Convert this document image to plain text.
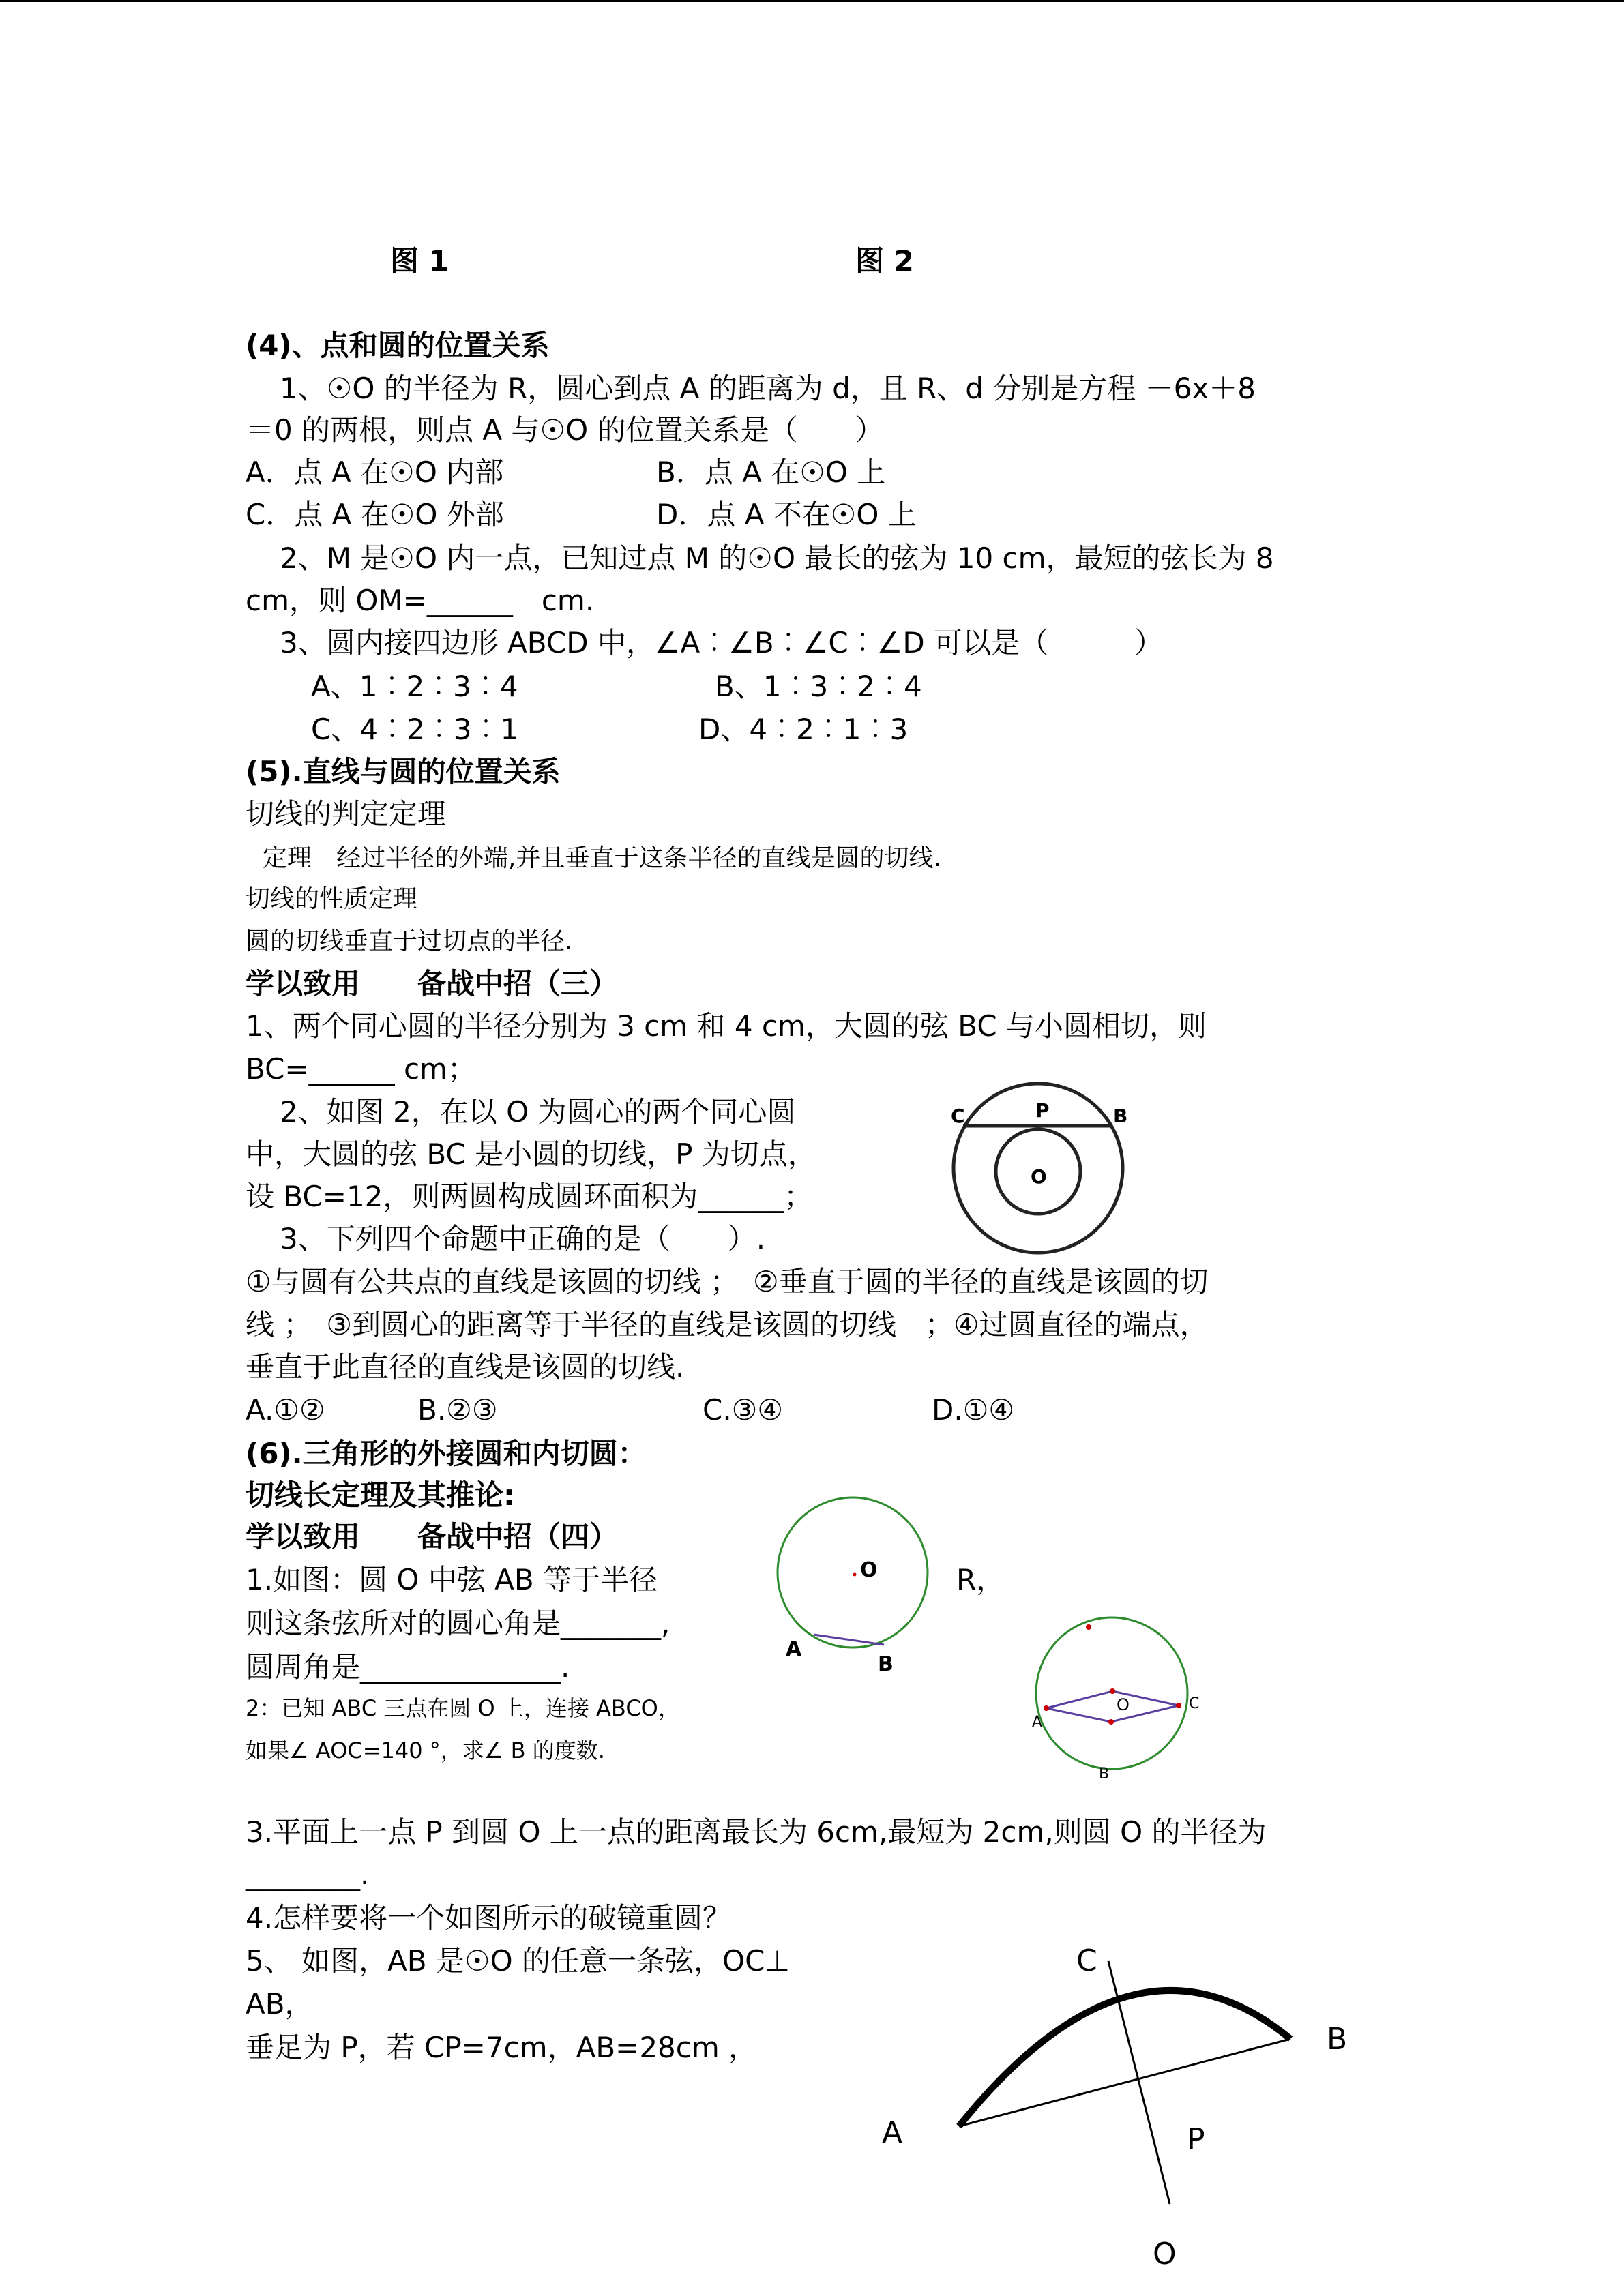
图 1	图 2
(4)、点和圆的位置关系
1、☉O 的半径为 R，圆心到点 A 的距离为 d，且 R、d 分别是方程 －6x＋8
＝0 的两根，则点 A 与☉O 的位置关系是（　　）
A．点 A 在☉O 内部	B．点 A 在☉O 上
C．点 A 在☉O 外部	D．点 A 不在☉O 上
2、M 是☉O 内一点，已知过点 M 的☉O 最长的弦为 10 cm，最短的弦长为 8
cm，则 OM=______　cm.
3、圆内接四边形 ABCD 中，∠A︰∠B︰∠C︰∠D 可以是（　　　）
A、1︰2︰3︰4	B、1︰3︰2︰4
C、4︰2︰3︰1	D、4︰2︰1︰3
(5).直线与圆的位置关系
切线的判定定理
定理　经过半径的外端,并且垂直于这条半径的直线是圆的切线.
切线的性质定理
圆的切线垂直于过切点的半径.
学以致用　　备战中招（三）
1、两个同心圆的半径分别为 3 cm 和 4 cm，大圆的弦 BC 与小圆相切，则
BC=______ cm；
2、如图 2，在以 O 为圆心的两个同心圆
中，大圆的弦 BC 是小圆的切线，P 为切点，
设 BC=12，则两圆构成圆环面积为______；
3、下列四个命题中正确的是（　　）.
①与圆有公共点的直线是该圆的切线 ；　②垂直于圆的半径的直线是该圆的切
线 ；　③到圆心的距离等于半径的直线是该圆的切线　；④过圆直径的端点，
垂直于此直径的直线是该圆的切线.
A.①②	B.②③	C.③④	D.①④
C	P	B
O
(6).三角形的外接圆和内切圆：
切线长定理及其推论:
学以致用　　备战中招（四）
1.如图：圆 O 中弦 AB 等于半径	R，
则这条弦所对的圆心角是_______,
圆周角是______________.
2：已知 ABC 三点在圆 O 上，连接 ABCO，
如果∠ AOC=140 °，求∠ B 的度数.
3.平面上一点 P 到圆 O 上一点的距离最长为 6cm,最短为 2cm,则圆 O 的半径为
________.
4.怎样要将一个如图所示的破镜重圆？
5、 如图，AB 是☉O 的任意一条弦，OC⊥
AB，
垂足为 P，若 CP=7cm，AB=28cm ，
O
A
B
O
A
C
B
C
B
A	P
O
